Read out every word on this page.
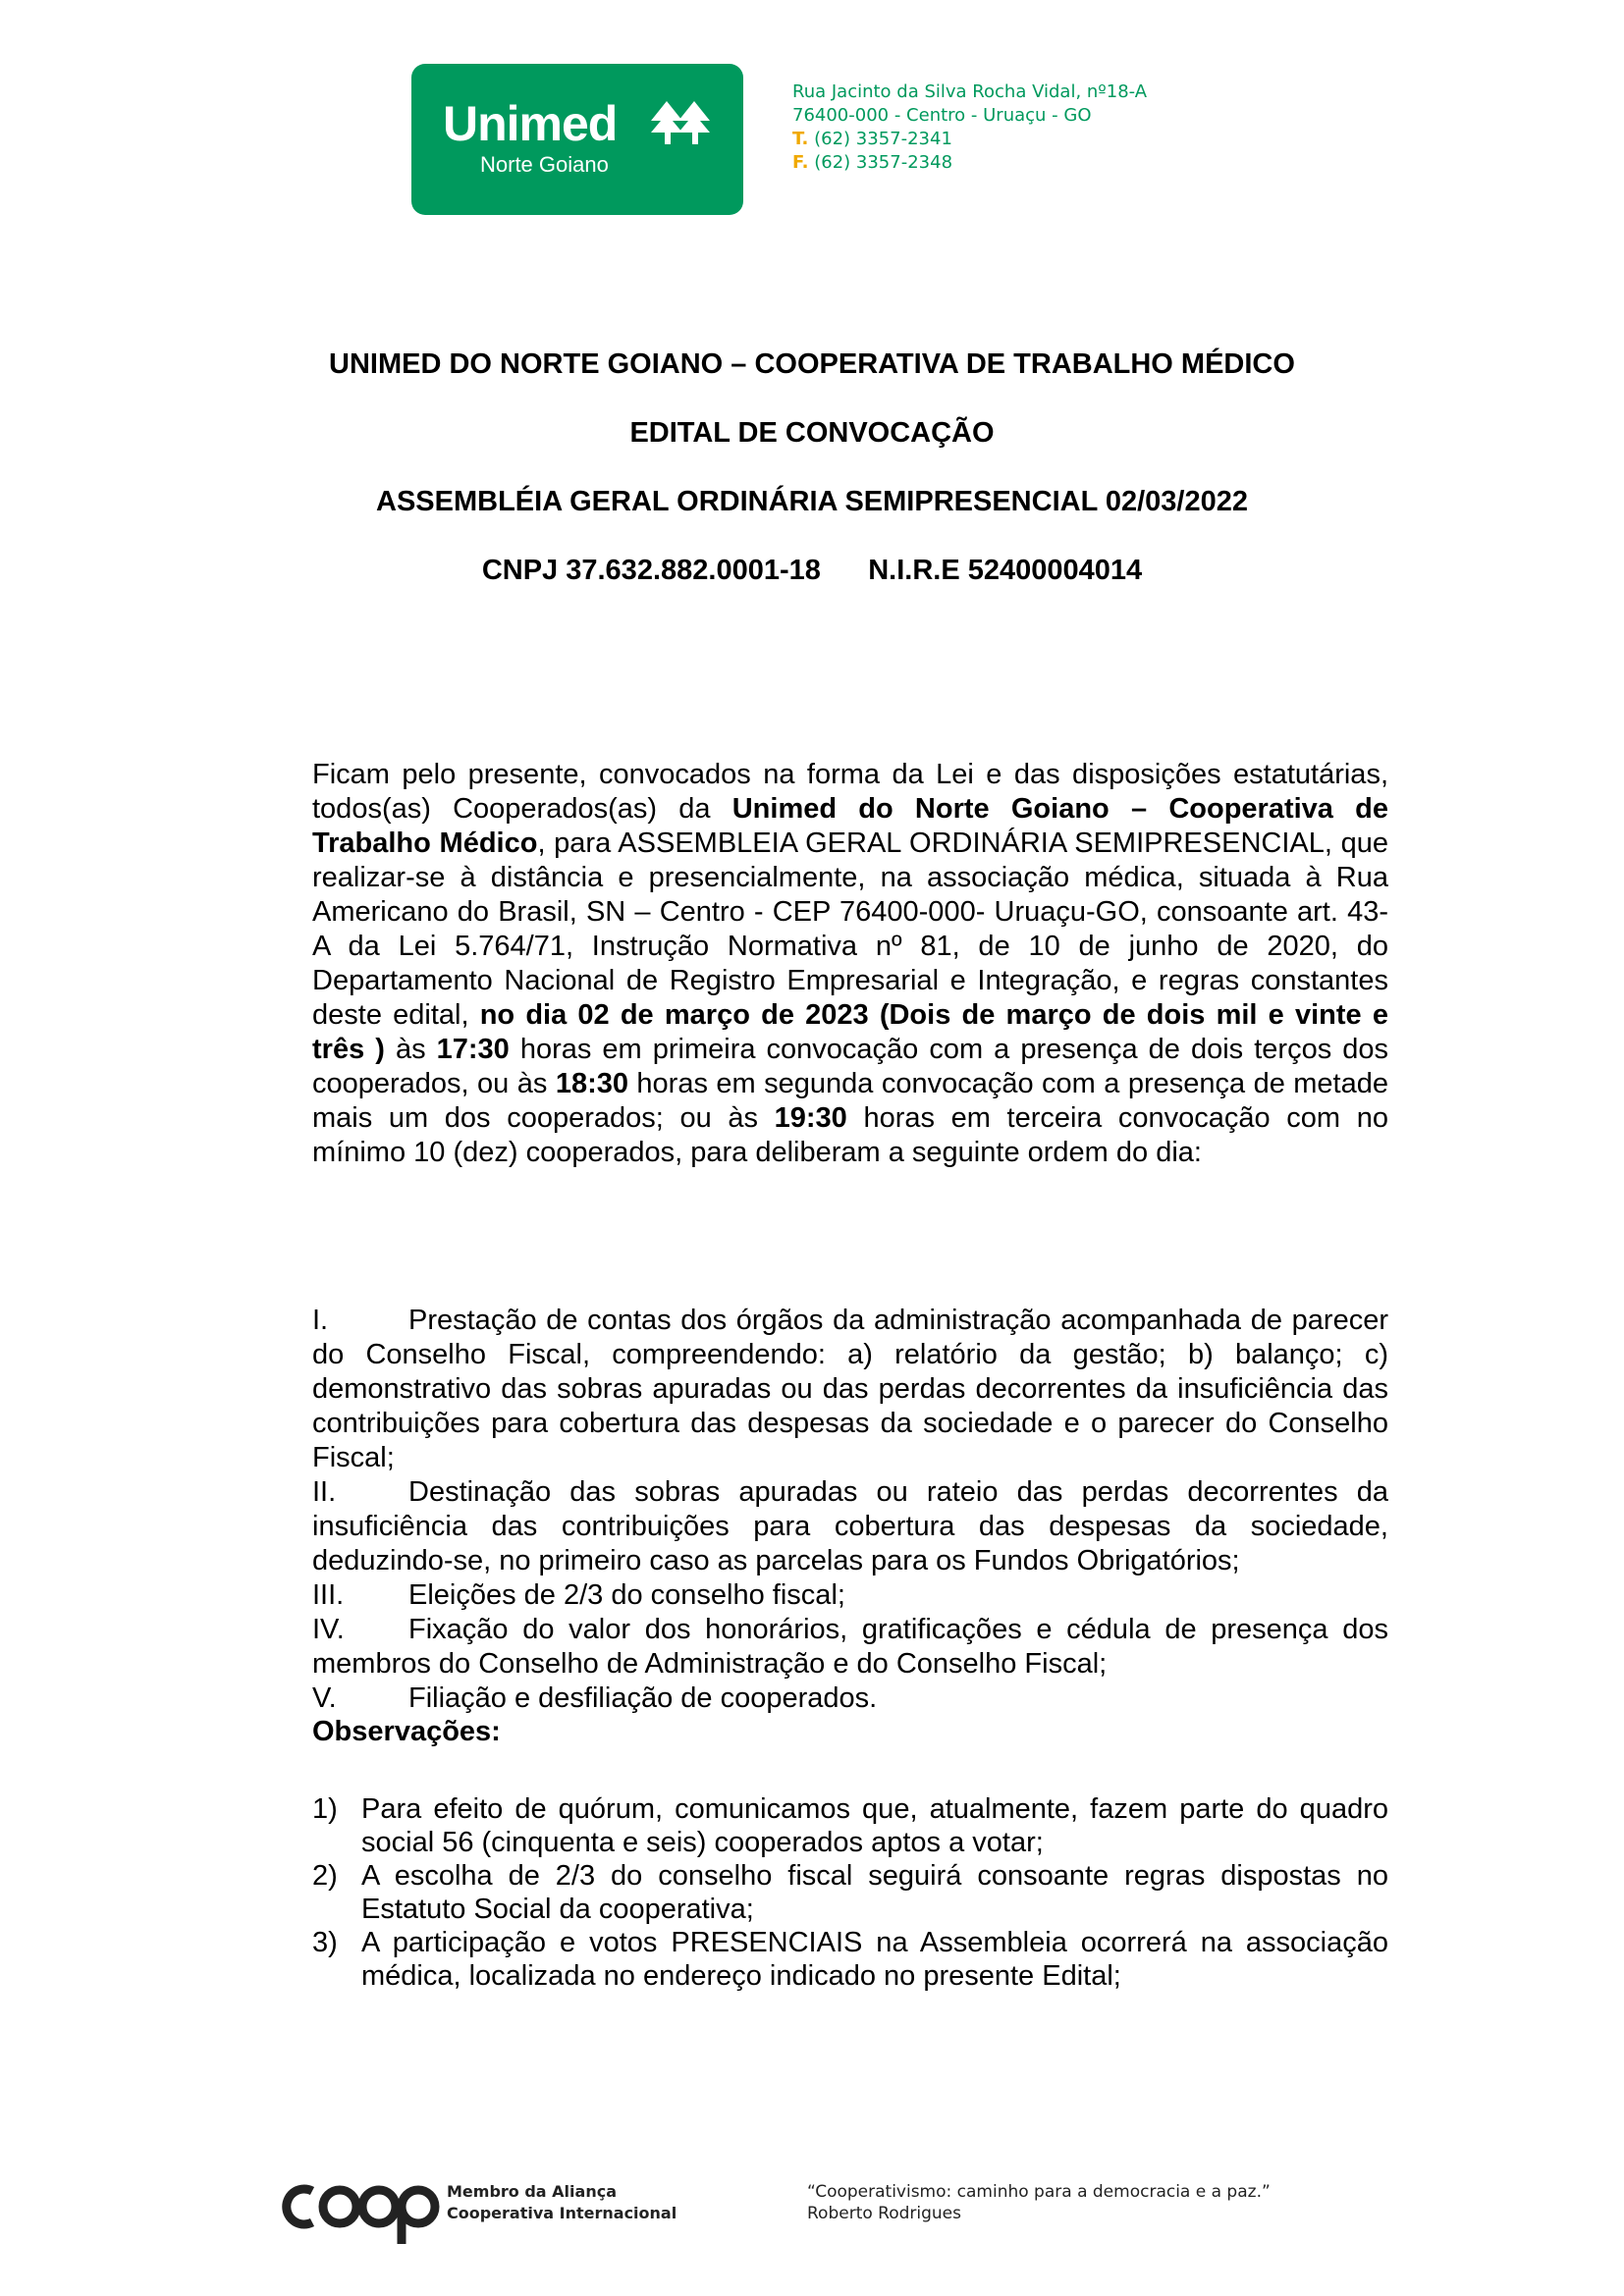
Unimed
Norte Goiano
Rua Jacinto da Silva Rocha Vidal, nº18-A
76400-000 - Centro - Uruaçu - GO
T. (62) 3357-2341
F. (62) 3357-2348
UNIMED DO NORTE GOIANO – COOPERATIVA DE TRABALHO MÉDICO
EDITAL DE CONVOCAÇÃO
ASSEMBLÉIA GERAL ORDINÁRIA SEMIPRESENCIAL 02/03/2022
CNPJ 37.632.882.0001-18 N.I.R.E 52400004014
Ficam pelo presente, convocados na forma da Lei e das disposições estatutárias, todos(as) Cooperados(as) da Unimed do Norte Goiano – Cooperativa de Trabalho Médico, para ASSEMBLEIA GERAL ORDINÁRIA SEMIPRESENCIAL, que realizar-se à distância e presencialmente, na associação médica, situada à Rua Americano do Brasil, SN – Centro - CEP 76400-000- Uruaçu-GO, consoante art. 43-A da Lei 5.764/71, Instrução Normativa nº 81, de 10 de junho de 2020, do Departamento Nacional de Registro Empresarial e Integração, e regras constantes deste edital, no dia 02 de março de 2023 (Dois de março de dois mil e vinte e três ) às 17:30 horas em primeira convocação com a presença de dois terços dos cooperados, ou às 18:30 horas em segunda convocação com a presença de metade mais um dos cooperados; ou às 19:30 horas em terceira convocação com no mínimo 10 (dez) cooperados, para deliberam a seguinte ordem do dia:
I.	Prestação de contas dos órgãos da administração acompanhada de parecer do Conselho Fiscal, compreendendo: a) relatório da gestão; b) balanço; c) demonstrativo das sobras apuradas ou das perdas decorrentes da insuficiência das contribuições para cobertura das despesas da sociedade e o parecer do Conselho Fiscal;
II.	Destinação das sobras apuradas ou rateio das perdas decorrentes da insuficiência das contribuições para cobertura das despesas da sociedade, deduzindo-se, no primeiro caso as parcelas para os Fundos Obrigatórios;
III. Eleições de 2/3 do conselho fiscal;
IV. Fixação do valor dos honorários, gratificações e cédula de presença dos membros do Conselho de Administração e do Conselho Fiscal;
V.	Filiação e desfiliação de cooperados.
Observações:
1) Para efeito de quórum, comunicamos que, atualmente, fazem parte do quadro social 56 (cinquenta e seis) cooperados aptos a votar;
2) A escolha de 2/3 do conselho fiscal seguirá consoante regras dispostas no Estatuto Social da cooperativa;
3) A participação e votos PRESENCIAIS na Assembleia ocorrerá na associação médica, localizada no endereço indicado no presente Edital;
Membro da Aliança
Cooperativa Internacional
“Cooperativismo: caminho para a democracia e a paz.”
Roberto Rodrigues
